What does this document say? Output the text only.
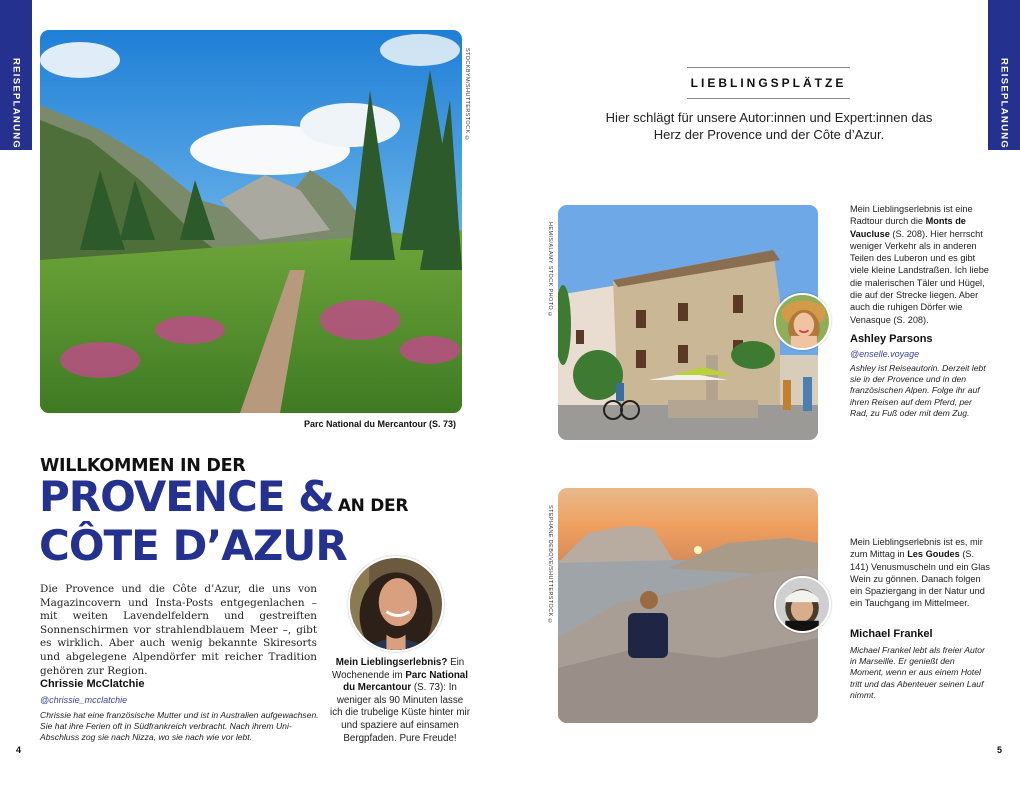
REISEPLANUNG	REISEPLANUNG
STOCKBYM/SHUTTERSTOCK ©
Parc National du Mercantour (S. 73)
WILLKOMMEN IN DER
PROVENCE & AN DER
CÔTE D’AZUR

Die Provence und die Côte d’Azur, die uns von Magazincovern und Insta-Posts entgegenlachen – mit weiten Lavendelfeldern und gestreiften Sonnenschirmen vor strahlendblauem Meer –, gibt es wirklich. Aber auch wenig bekannte Skiresorts und abgelegene Alpendörfer mit reicher Tradition gehören zur Region.

Chrissie McClatchie
@chrissie_mcclatchie
Chrissie hat eine französische Mutter und ist in Australien aufgewachsen. Sie hat ihre Ferien oft in Südfrankreich verbracht. Nach ihrem Uni-Abschluss zog sie nach Nizza, wo sie nach wie vor lebt.
Mein Lieblingserlebnis? Ein Wochenende im Parc National du Mercantour (S. 73): In weniger als 90 Minuten lasse ich die trubelige Küste hinter mir und spaziere auf einsamen Bergpfaden. Pure Freude!
4
LIEBLINGSPLÄTZE
Hier schlägt für unsere Autor:innen und Expert:innen das Herz der Provence und der Côte d’Azur.
HEMIS/ALAMY STOCK PHOTO ©
Mein Lieblingserlebnis ist eine Radtour durch die Monts de Vaucluse (S. 208). Hier herrscht weniger Verkehr als in anderen Teilen des Luberon und es gibt viele kleine Landstraßen. Ich liebe die malerischen Täler und Hügel, die auf der Strecke liegen. Aber auch die ruhigen Dörfer wie Venasque (S. 208).
Ashley Parsons
@enselle.voyage
Ashley ist Reiseautorin. Derzeit lebt sie in der Provence und in den französischen Alpen. Folge ihr auf ihren Reisen auf dem Pferd, per Rad, zu Fuß oder mit dem Zug.
STEPHANE DEBOVE/SHUTTERSTOCK ©	Mein Lieblingserlebnis ist es, mir zum Mittag in Les Goudes (S. 141) Venusmuscheln und ein Glas Wein zu gönnen. Danach folgen ein Spaziergang in der Natur und ein Tauchgang im Mittelmeer.
Michael Frankel
Michael Frankel lebt als freier Autor in Marseille. Er genießt den Moment, wenn er aus einem Hotel tritt und das Abenteuer seinen Lauf nimmt.
5
